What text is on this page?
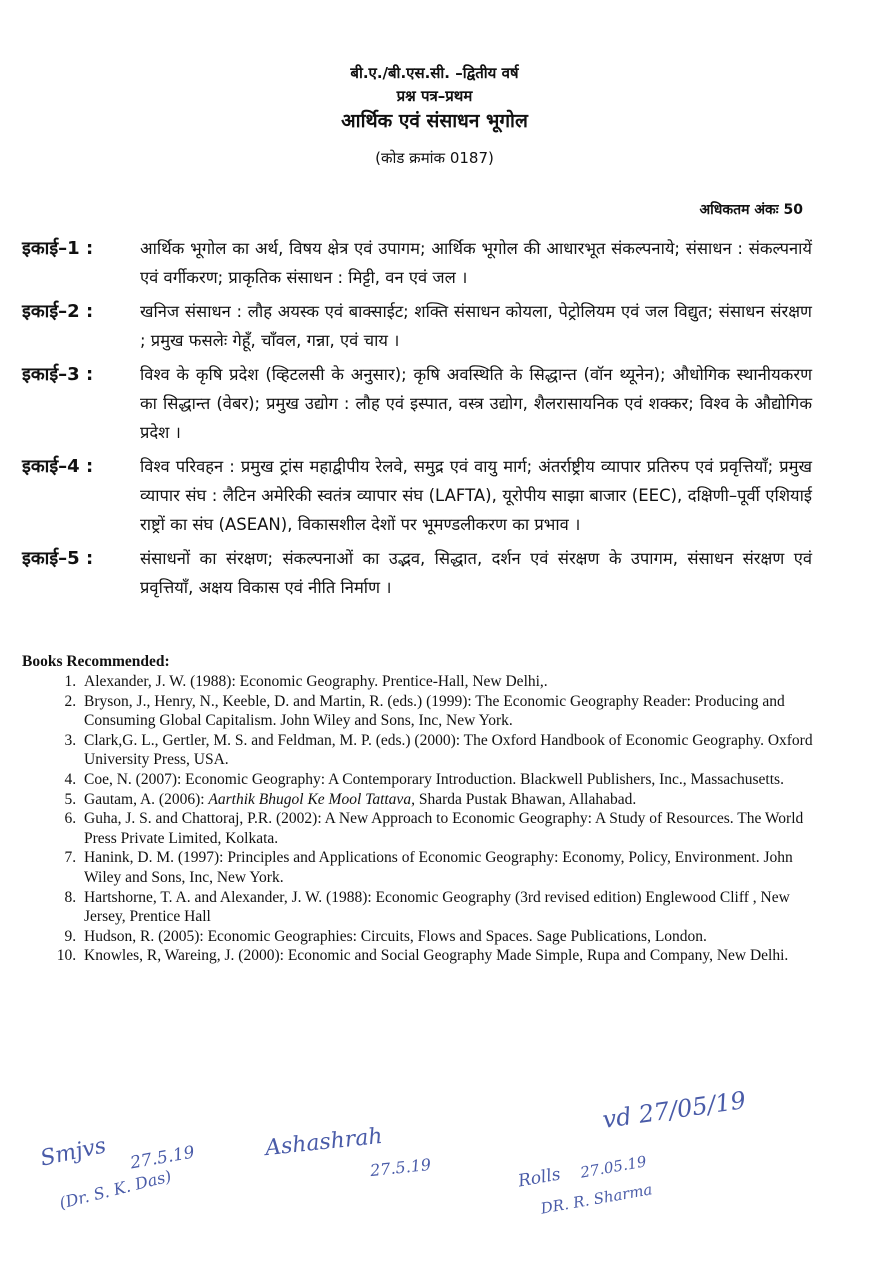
बी.ए./बी.एस.सी. –द्वितीय वर्ष
प्रश्न पत्र–प्रथम
आर्थिक एवं संसाधन भूगोल
(कोड क्रमांक 0187)
अधिकतम अंकः 50
इकाई–1 :	आर्थिक भूगोल का अर्थ, विषय क्षेत्र एवं उपागम; आर्थिक भूगोल की आधारभूत संकल्पनाये; संसाधन : संकल्पनायें एवं वर्गीकरण; प्राकृतिक संसाधन : मिट्टी, वन एवं जल ।
इकाई–2 :	खनिज संसाधन : लौह अयस्क एवं बाक्साईट; शक्ति संसाधन कोयला, पेट्रोलियम एवं जल विद्युत; संसाधन संरक्षण ; प्रमुख फसलेः गेहूँ, चाँवल, गन्ना, एवं चाय ।
इकाई–3 :	विश्व के कृषि प्रदेश (व्हिटलसी के अनुसार); कृषि अवस्थिति के सिद्धान्त (वॉन थ्यूनेन); औधोगिक स्थानीयकरण का सिद्धान्त (वेबर); प्रमुख उद्योग : लौह एवं इस्पात, वस्त्र उद्योग, शैलरासायनिक एवं शक्कर; विश्व के औद्योगिक प्रदेश ।
इकाई–4 :	विश्व परिवहन : प्रमुख ट्रांस महाद्वीपीय रेलवे, समुद्र एवं वायु मार्ग; अंतर्राष्ट्रीय व्यापार प्रतिरुप एवं प्रवृत्तियाँ; प्रमुख व्यापार संघ : लैटिन अमेरिकी स्वतंत्र व्यापार संघ (LAFTA), यूरोपीय साझा बाजार (EEC), दक्षिणी–पूर्वी एशियाई राष्ट्रों का संघ (ASEAN), विकासशील देशों पर भूमण्डलीकरण का प्रभाव ।
इकाई–5 :	संसाधनों का संरक्षण; संकल्पनाओं का उद्भव, सिद्धात, दर्शन एवं संरक्षण के उपागम, संसाधन संरक्षण एवं प्रवृत्तियाँ, अक्षय विकास एवं नीति निर्माण ।
Books Recommended:
1. Alexander, J. W. (1988): Economic Geography. Prentice-Hall, New Delhi,.
2. Bryson, J., Henry, N., Keeble, D. and Martin, R. (eds.) (1999): The Economic Geography Reader: Producing and Consuming Global Capitalism. John Wiley and Sons, Inc, New York.
3. Clark,G. L., Gertler, M. S. and Feldman, M. P. (eds.) (2000): The Oxford Handbook of Economic Geography. Oxford University Press, USA.
4. Coe, N. (2007): Economic Geography: A Contemporary Introduction. Blackwell Publishers, Inc., Massachusetts.
5. Gautam, A. (2006): Aarthik Bhugol Ke Mool Tattava, Sharda Pustak Bhawan, Allahabad.
6. Guha, J. S. and Chattoraj, P.R. (2002): A New Approach to Economic Geography: A Study of Resources. The World Press Private Limited, Kolkata.
7. Hanink, D. M. (1997): Principles and Applications of Economic Geography: Economy, Policy, Environment. John Wiley and Sons, Inc, New York.
8. Hartshorne, T. A. and Alexander, J. W. (1988): Economic Geography (3rd revised edition) Englewood Cliff , New Jersey, Prentice Hall
9. Hudson, R. (2005): Economic Geographies: Circuits, Flows and Spaces. Sage Publications, London.
10. Knowles, R, Wareing, J. (2000): Economic and Social Geography Made Simple, Rupa and Company, New Delhi.
Smjvs
(Dr. S. K. Das)
27.5.19	Ashashrah
27.5.19
vd 27/05/19
Rolls 27.05.19
DR. R. Sharma
